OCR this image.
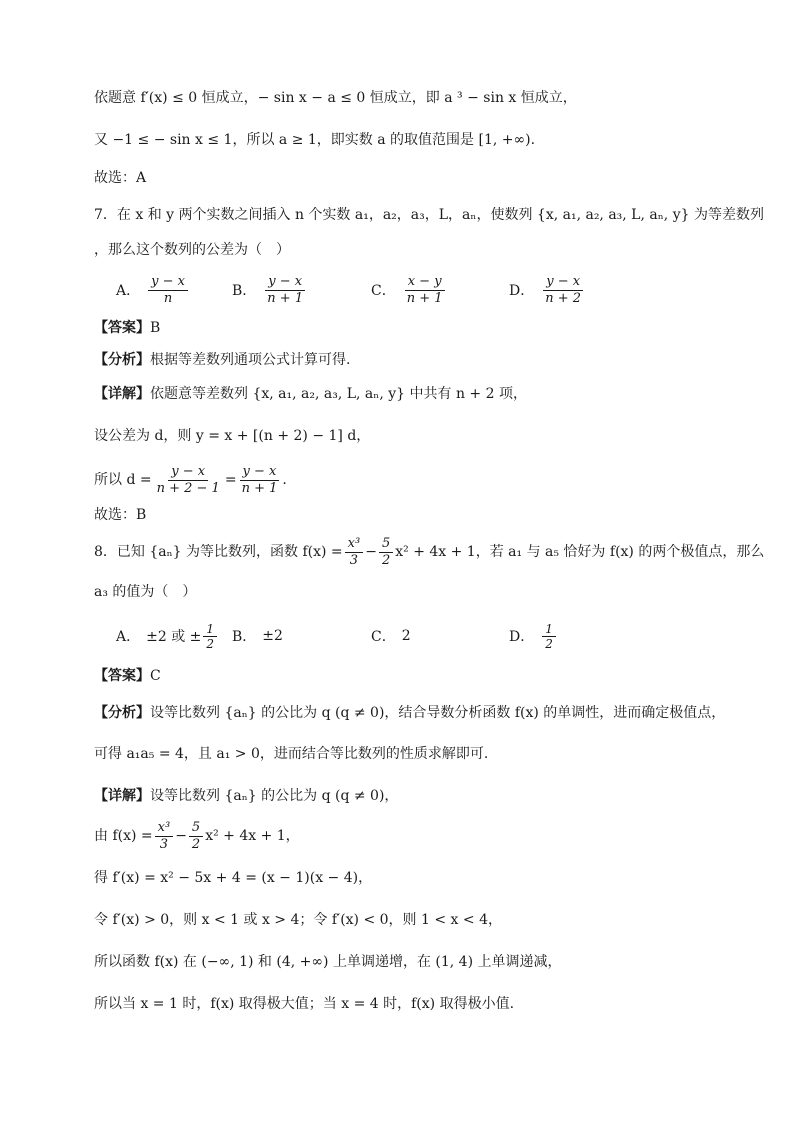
依题意 f′(x) ≤ 0 恒成立，− sin x − a ≤ 0 恒成立，即 a ³ − sin x 恒成立，
又 −1 ≤ − sin x ≤ 1，所以 a ≥ 1，即实数 a 的取值范围是 [1, +∞).
故选：A
7．在 x 和 y 两个实数之间插入 n 个实数 a₁，a₂，a₃，L，aₙ，使数列 {x, a₁, a₂, a₃, L, aₙ, y} 为等差数列
，那么这个数列的公差为（　）
A． $\frac{y - x}{n}$	B． $\frac{y - x}{n + 1}$	C． $\frac{x - y}{n + 1}$	D． $\frac{y - x}{n + 2}$
【答案】B
【分析】根据等差数列通项公式计算可得.
【详解】依题意等差数列 {x, a₁, a₂, a₃, L, aₙ, y} 中共有 n + 2 项，
设公差为 d，则 y = x + [(n + 2) − 1] d，
所以 $d = \frac{y - x}{n + 2 - 1} = \frac{y - x}{n + 1}$ .
故选：B
8．已知 {aₙ} 为等比数列，函数 $f(x) = \frac{\text{x³}}{3} - \frac{5}{2} x^2 + 4x + 1$，若 a₁ 与 a₅ 恰好为 f(x) 的两个极值点，那么
a₃ 的值为（　）
A． ±2 或 ± $\frac{1}{2}$ B． ±2	C． 2	D． $\frac{1}{2}$
【答案】C
【分析】设等比数列 {aₙ} 的公比为 q (q ≠ 0)，结合导数分析函数 f(x) 的单调性，进而确定极值点，
可得 a₁a₅ = 4，且 a₁ > 0，进而结合等比数列的性质求解即可.
【详解】设等比数列 {aₙ} 的公比为 q (q ≠ 0)，
由 $f(x) = \frac{\text{x³}}{3} - \frac{5}{2} x^2 + 4x + 1$，
得 f′(x) = x² − 5x + 4 = (x − 1)(x − 4)，
令 f′(x) > 0，则 x < 1 或 x > 4；令 f′(x) < 0，则 1 < x < 4，
所以函数 f(x) 在 (−∞, 1) 和 (4, +∞) 上单调递增，在 (1, 4) 上单调递减，
所以当 x = 1 时，f(x) 取得极大值；当 x = 4 时，f(x) 取得极小值.
